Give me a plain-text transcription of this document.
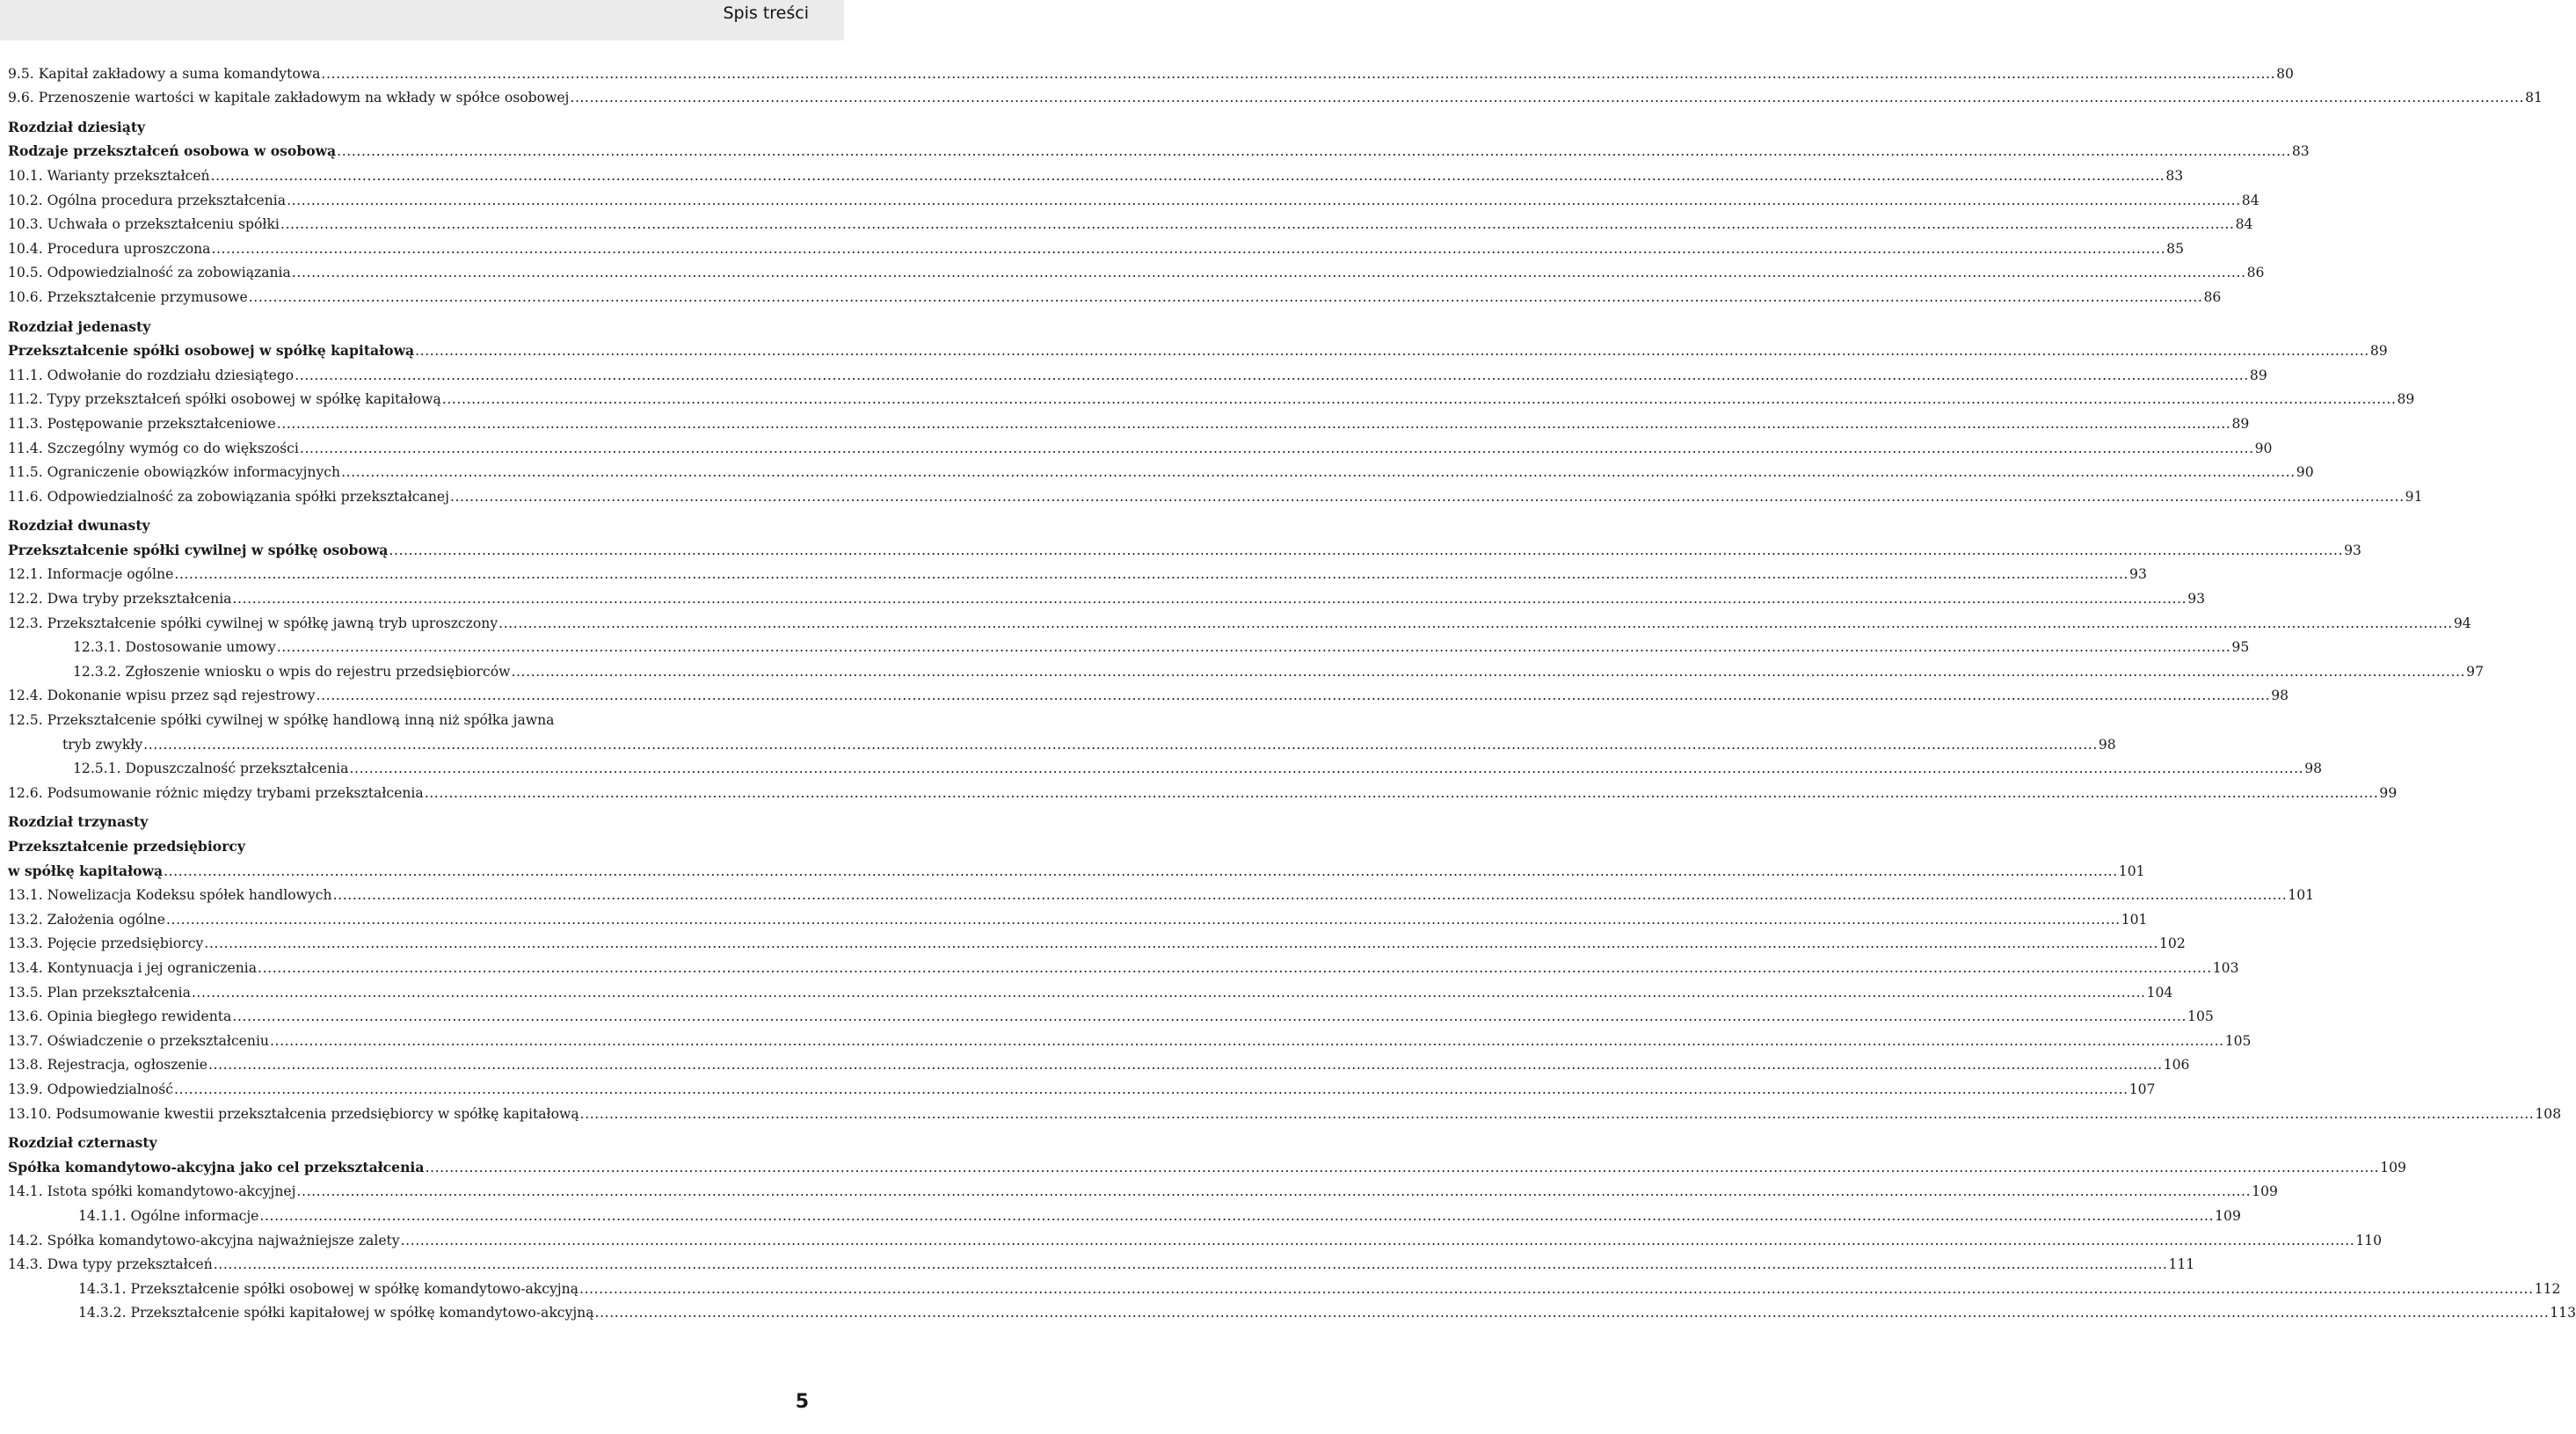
Spis treści
9.5. Kapitał zakładowy a suma komandytowa ................................................................................................................................................................................................................................................................................................................................................................................................................ 80
9.6. Przenoszenie wartości w kapitale zakładowym na wkłady w spółce osobowej ................................................................................................................................................................................................................................................................................................................................................................................................................ 81
Rozdział dziesiąty
Rodzaje przekształceń osobowa w osobową ................................................................................................................................................................................................................................................................................................................................................................................................................ 83
10.1. Warianty przekształceń ................................................................................................................................................................................................................................................................................................................................................................................................................ 83
10.2. Ogólna procedura przekształcenia ................................................................................................................................................................................................................................................................................................................................................................................................................ 84
10.3. Uchwała o przekształceniu spółki ................................................................................................................................................................................................................................................................................................................................................................................................................ 84
10.4. Procedura uproszczona ................................................................................................................................................................................................................................................................................................................................................................................................................ 85
10.5. Odpowiedzialność za zobowiązania ................................................................................................................................................................................................................................................................................................................................................................................................................ 86
10.6. Przekształcenie przymusowe ................................................................................................................................................................................................................................................................................................................................................................................................................ 86
Rozdział jedenasty
Przekształcenie spółki osobowej w spółkę kapitałową ................................................................................................................................................................................................................................................................................................................................................................................................................ 89
11.1. Odwołanie do rozdziału dziesiątego ................................................................................................................................................................................................................................................................................................................................................................................................................ 89
11.2. Typy przekształceń spółki osobowej w spółkę kapitałową ................................................................................................................................................................................................................................................................................................................................................................................................................ 89
11.3. Postępowanie przekształceniowe ................................................................................................................................................................................................................................................................................................................................................................................................................ 89
11.4. Szczególny wymóg co do większości ................................................................................................................................................................................................................................................................................................................................................................................................................ 90
11.5. Ograniczenie obowiązków informacyjnych ................................................................................................................................................................................................................................................................................................................................................................................................................ 90
11.6. Odpowiedzialność za zobowiązania spółki przekształcanej ................................................................................................................................................................................................................................................................................................................................................................................................................ 91
Rozdział dwunasty
Przekształcenie spółki cywilnej w spółkę osobową ................................................................................................................................................................................................................................................................................................................................................................................................................ 93
12.1. Informacje ogólne ................................................................................................................................................................................................................................................................................................................................................................................................................ 93
12.2. Dwa tryby przekształcenia ................................................................................................................................................................................................................................................................................................................................................................................................................ 93
12.3. Przekształcenie spółki cywilnej w spółkę jawną tryb uproszczony ................................................................................................................................................................................................................................................................................................................................................................................................................ 94
12.3.1. Dostosowanie umowy ................................................................................................................................................................................................................................................................................................................................................................................................................ 95
12.3.2. Zgłoszenie wniosku o wpis do rejestru przedsiębiorców ................................................................................................................................................................................................................................................................................................................................................................................................................ 97
12.4. Dokonanie wpisu przez sąd rejestrowy ................................................................................................................................................................................................................................................................................................................................................................................................................ 98
12.5. Przekształcenie spółki cywilnej w spółkę handlową inną niż spółka jawna
tryb zwykły ................................................................................................................................................................................................................................................................................................................................................................................................................ 98
12.5.1. Dopuszczalność przekształcenia ................................................................................................................................................................................................................................................................................................................................................................................................................ 98
12.6. Podsumowanie różnic między trybami przekształcenia ................................................................................................................................................................................................................................................................................................................................................................................................................ 99
Rozdział trzynasty
Przekształcenie przedsiębiorcy
w spółkę kapitałową ................................................................................................................................................................................................................................................................................................................................................................................................................ 101
13.1. Nowelizacja Kodeksu spółek handlowych ................................................................................................................................................................................................................................................................................................................................................................................................................ 101
13.2. Założenia ogólne ................................................................................................................................................................................................................................................................................................................................................................................................................ 101
13.3. Pojęcie przedsiębiorcy ................................................................................................................................................................................................................................................................................................................................................................................................................ 102
13.4. Kontynuacja i jej ograniczenia ................................................................................................................................................................................................................................................................................................................................................................................................................ 103
13.5. Plan przekształcenia ................................................................................................................................................................................................................................................................................................................................................................................................................ 104
13.6. Opinia biegłego rewidenta ................................................................................................................................................................................................................................................................................................................................................................................................................ 105
13.7. Oświadczenie o przekształceniu ................................................................................................................................................................................................................................................................................................................................................................................................................ 105
13.8. Rejestracja, ogłoszenie ................................................................................................................................................................................................................................................................................................................................................................................................................ 106
13.9. Odpowiedzialność ................................................................................................................................................................................................................................................................................................................................................................................................................ 107
13.10. Podsumowanie kwestii przekształcenia przedsiębiorcy w spółkę kapitałową ................................................................................................................................................................................................................................................................................................................................................................................................................ 108
Rozdział czternasty
Spółka komandytowo-akcyjna jako cel przekształcenia ................................................................................................................................................................................................................................................................................................................................................................................................................ 109
14.1. Istota spółki komandytowo-akcyjnej ................................................................................................................................................................................................................................................................................................................................................................................................................ 109
14.1.1. Ogólne informacje ................................................................................................................................................................................................................................................................................................................................................................................................................ 109
14.2. Spółka komandytowo-akcyjna najważniejsze zalety ................................................................................................................................................................................................................................................................................................................................................................................................................ 110
14.3. Dwa typy przekształceń ................................................................................................................................................................................................................................................................................................................................................................................................................ 111
14.3.1. Przekształcenie spółki osobowej w spółkę komandytowo-akcyjną ................................................................................................................................................................................................................................................................................................................................................................................................................ 112
14.3.2. Przekształcenie spółki kapitałowej w spółkę komandytowo-akcyjną ................................................................................................................................................................................................................................................................................................................................................................................................................ 113
5
